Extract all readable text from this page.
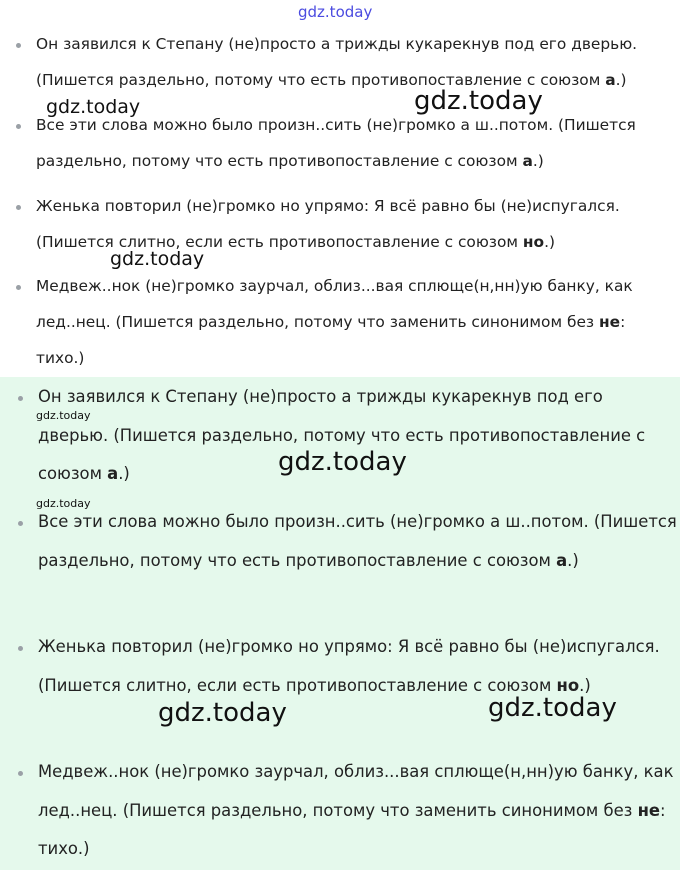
Он заявился к Степану (не)просто а трижды кукарекнув под его дверью. (Пишется раздельно, потому что есть противопоставление с союзом а.)
Все эти слова можно было произн..сить (не)громко а ш..потом. (Пишется раздельно, потому что есть противопоставление с союзом а.)
Женька повторил (не)громко но упрямо: Я всё равно бы (не)испугался. (Пишется слитно, если есть противопоставление с союзом но.)
Медвеж..нок (не)громко заурчал, облиз...вая сплюще(н,нн)ую банку, как лед..нец. (Пишется раздельно, потому что заменить синонимом без не: тихо.)
Он заявился к Степану (не)просто а трижды кукарекнув под его дверью. (Пишется раздельно, потому что есть противопоставление с союзом а.)
Все эти слова можно было произн..сить (не)громко а ш..потом. (Пишется раздельно, потому что есть противопоставление с союзом а.)
Женька повторил (не)громко но упрямо: Я всё равно бы (не)испугался. (Пишется слитно, если есть противопоставление с союзом но.)
Медвеж..нок (не)громко заурчал, облиз...вая сплюще(н,нн)ую банку, как лед..нец. (Пишется раздельно, потому что заменить синонимом без не: тихо.)
gdz.today
gdz.today	gdz.today
gdz.today
gdz.today
gdz.today
gdz.today
gdz.today	gdz.today
